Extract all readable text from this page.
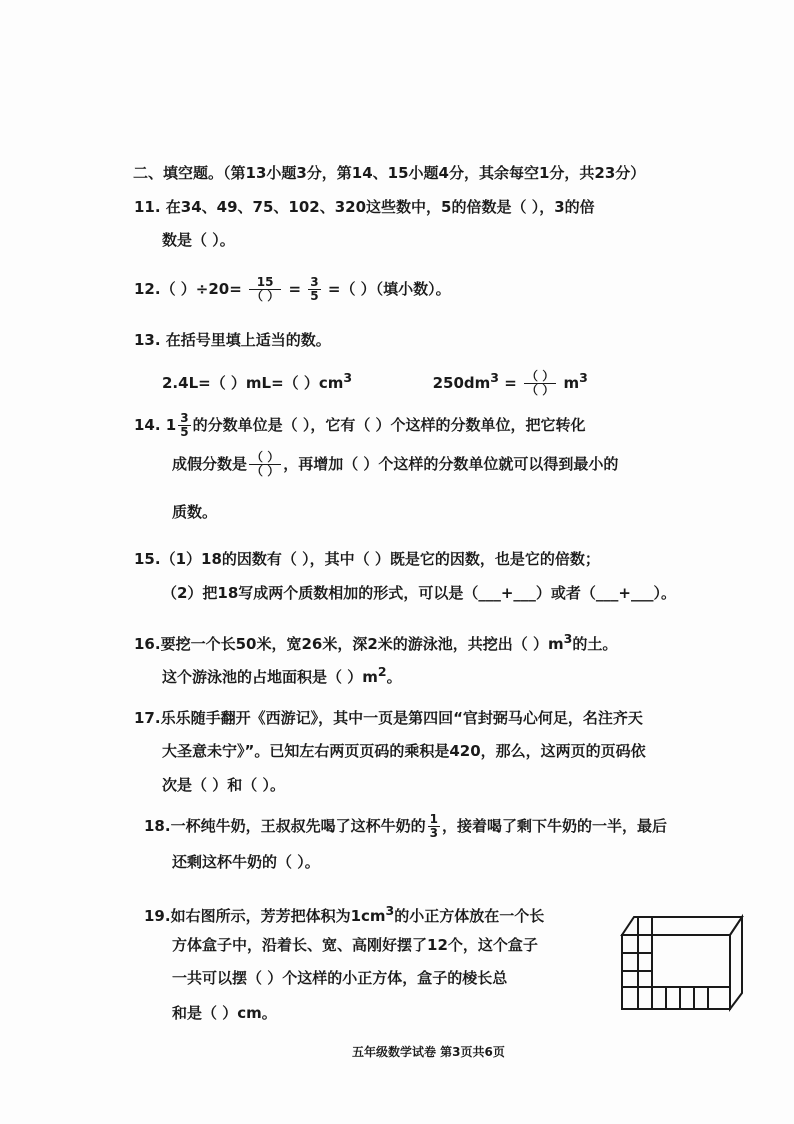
二、填空题。（第13小题3分，第14、15小题4分，其余每空1分，共23分）
11. 在34、49、75、102、320这些数中，5的倍数是（ ），3的倍
数是（ ）。
12.（ ）$\div 20= \frac{15}{( )} = \frac{3}{5}$ =（ ）（填小数）。
13. 在括号里填上适当的数。
2.4L=（ ）mL=（ ）$cm^3$	$250dm^3 = \frac{( )}{( )} m^3$
14. $1 \frac{3}{5}$ 的分数单位是（ ），它有（ ）个这样的分数单位，把它转化
成假分数是 $\frac{( )}{( )}$ ，再增加（ ）个这样的分数单位就可以得到最小的
质数。
15.（1）18的因数有（ ），其中（ ）既是它的因数，也是它的倍数；
（2）把18写成两个质数相加的形式，可以是（___+___）或者（___+___）。
16.要挖一个长50米，宽26米，深2米的游泳池，共挖出（ ）$m^3$的土。
这个游泳池的占地面积是（ ）$m^2$。
17.乐乐随手翻开《西游记》，其中一页是第四回“官封弼马心何足，名注齐天
大圣意未宁》”。已知左右两页页码的乘积是420，那么，这两页的页码依
次是（ ）和（ ）。
18.一杯纯牛奶，王叔叔先喝了这杯牛奶的 $\frac{1}{3}$ ，接着喝了剩下牛奶的一半，最后
还剩这杯牛奶的（ ）。
19.如右图所示，芳芳把体积为$1cm^3$的小正方体放在一个长
方体盒子中，沿着长、宽、高刚好摆了12个，这个盒子
一共可以摆（ ）个这样的小正方体，盒子的棱长总
和是（ ）cm。
五年级数学试卷 第3页共6页
